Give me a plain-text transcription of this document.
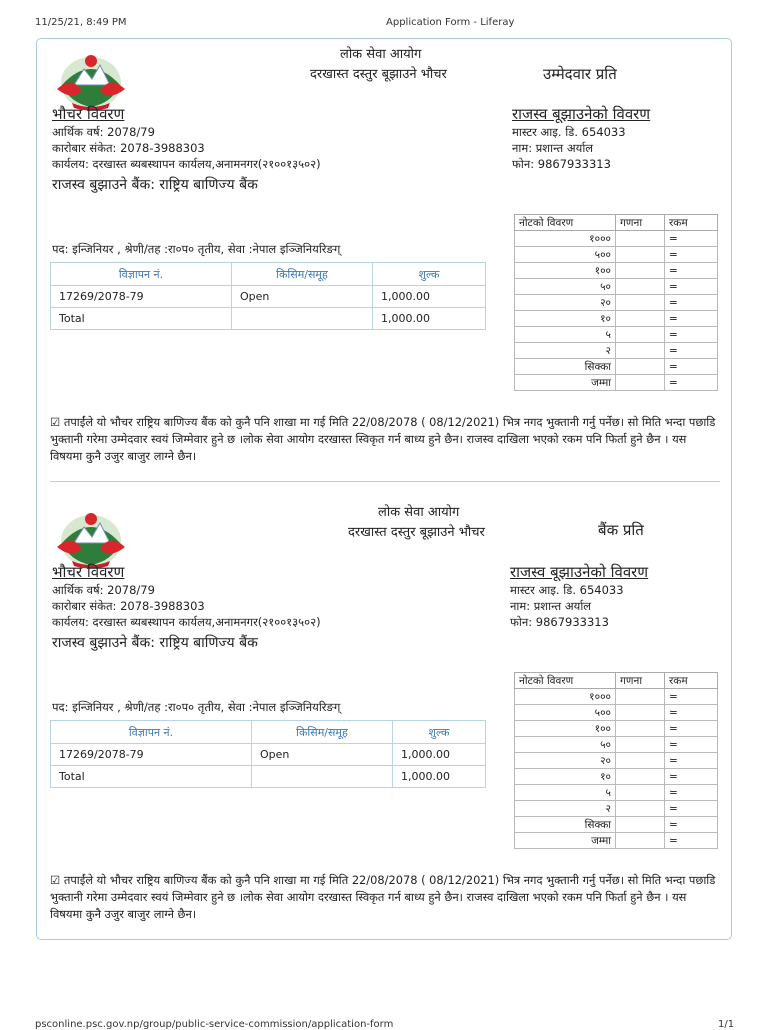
11/25/21, 8:49 PM	Application Form - Liferay
psconline.psc.gov.np/group/public-service-commission/application-form	1/1
लोक सेवा आयोग
दरखास्त दस्तुर बूझाउने भौचर	उम्मेदवार प्रति
भौचर विवरण
आर्थिक वर्ष: 2078/79
कारोबार संकेत: 2078-3988303
कार्यलय: दरखास्त ब्यबस्थापन कार्यलय,अनामनगर(२१००१३५०२)
राजस्व बुझाउने बैंक: राष्ट्रिय बाणिज्य बैंक
राजस्व बूझाउनेको विवरण
मास्टर आइ. डि. 654033
नाम: प्रशान्त अर्याल
फोन: 9867933313
पद: इन्जिनियर , श्रेणी/तह :रा०प० तृतीय, सेवा :नेपाल इञ्जिनियरिङग्
विज्ञापन नं.	किसिम/समूह	शुल्क
17269/2078-79	Open	1,000.00
Total		1,000.00
नोटको विवरण	गणना	रकम
१०००		=
५००		=
१००		=
५०		=
२०		=
१०		=
५		=
२		=
सिक्का		=
जम्मा		=
☑ तपाईंले यो भौचर राष्ट्रिय बाणिज्य बैंक को कुनै पनि शाखा मा गई मिति 22/08/2078 ( 08/12/2021) भित्र नगद भुक्तानी गर्नु पर्नेछ। सो मिति भन्दा पछाडि भुक्तानी गरेमा उम्मेदवार स्वयं जिम्मेवार हुने छ ।लोक सेवा आयोग दरखास्त स्विकृत गर्न बाध्य हुने छैन। राजस्व दाखिला भएको रकम पनि फिर्ता हुने छैन । यस विषयमा कुनै उजुर बाजुर लाग्ने छैन।
लोक सेवा आयोग
दरखास्त दस्तुर बूझाउने भौचर	बैंक प्रति
भौचर विवरण
आर्थिक वर्ष: 2078/79
कारोबार संकेत: 2078-3988303
कार्यलय: दरखास्त ब्यबस्थापन कार्यलय,अनामनगर(२१००१३५०२)
राजस्व बुझाउने बैंक: राष्ट्रिय बाणिज्य बैंक
राजस्व बूझाउनेको विवरण
मास्टर आइ. डि. 654033
नाम: प्रशान्त अर्याल
फोन: 9867933313
पद: इन्जिनियर , श्रेणी/तह :रा०प० तृतीय, सेवा :नेपाल इञ्जिनियरिङग्
विज्ञापन नं.	किसिम/समूह	शुल्क
17269/2078-79	Open	1,000.00
Total		1,000.00
नोटको विवरण	गणना	रकम
१०००		=
५००		=
१००		=
५०		=
२०		=
१०		=
५		=
२		=
सिक्का		=
जम्मा		=
☑ तपाईंले यो भौचर राष्ट्रिय बाणिज्य बैंक को कुनै पनि शाखा मा गई मिति 22/08/2078 ( 08/12/2021) भित्र नगद भुक्तानी गर्नु पर्नेछ। सो मिति भन्दा पछाडि भुक्तानी गरेमा उम्मेदवार स्वयं जिम्मेवार हुने छ ।लोक सेवा आयोग दरखास्त स्विकृत गर्न बाध्य हुने छैन। राजस्व दाखिला भएको रकम पनि फिर्ता हुने छैन । यस विषयमा कुनै उजुर बाजुर लाग्ने छैन।
